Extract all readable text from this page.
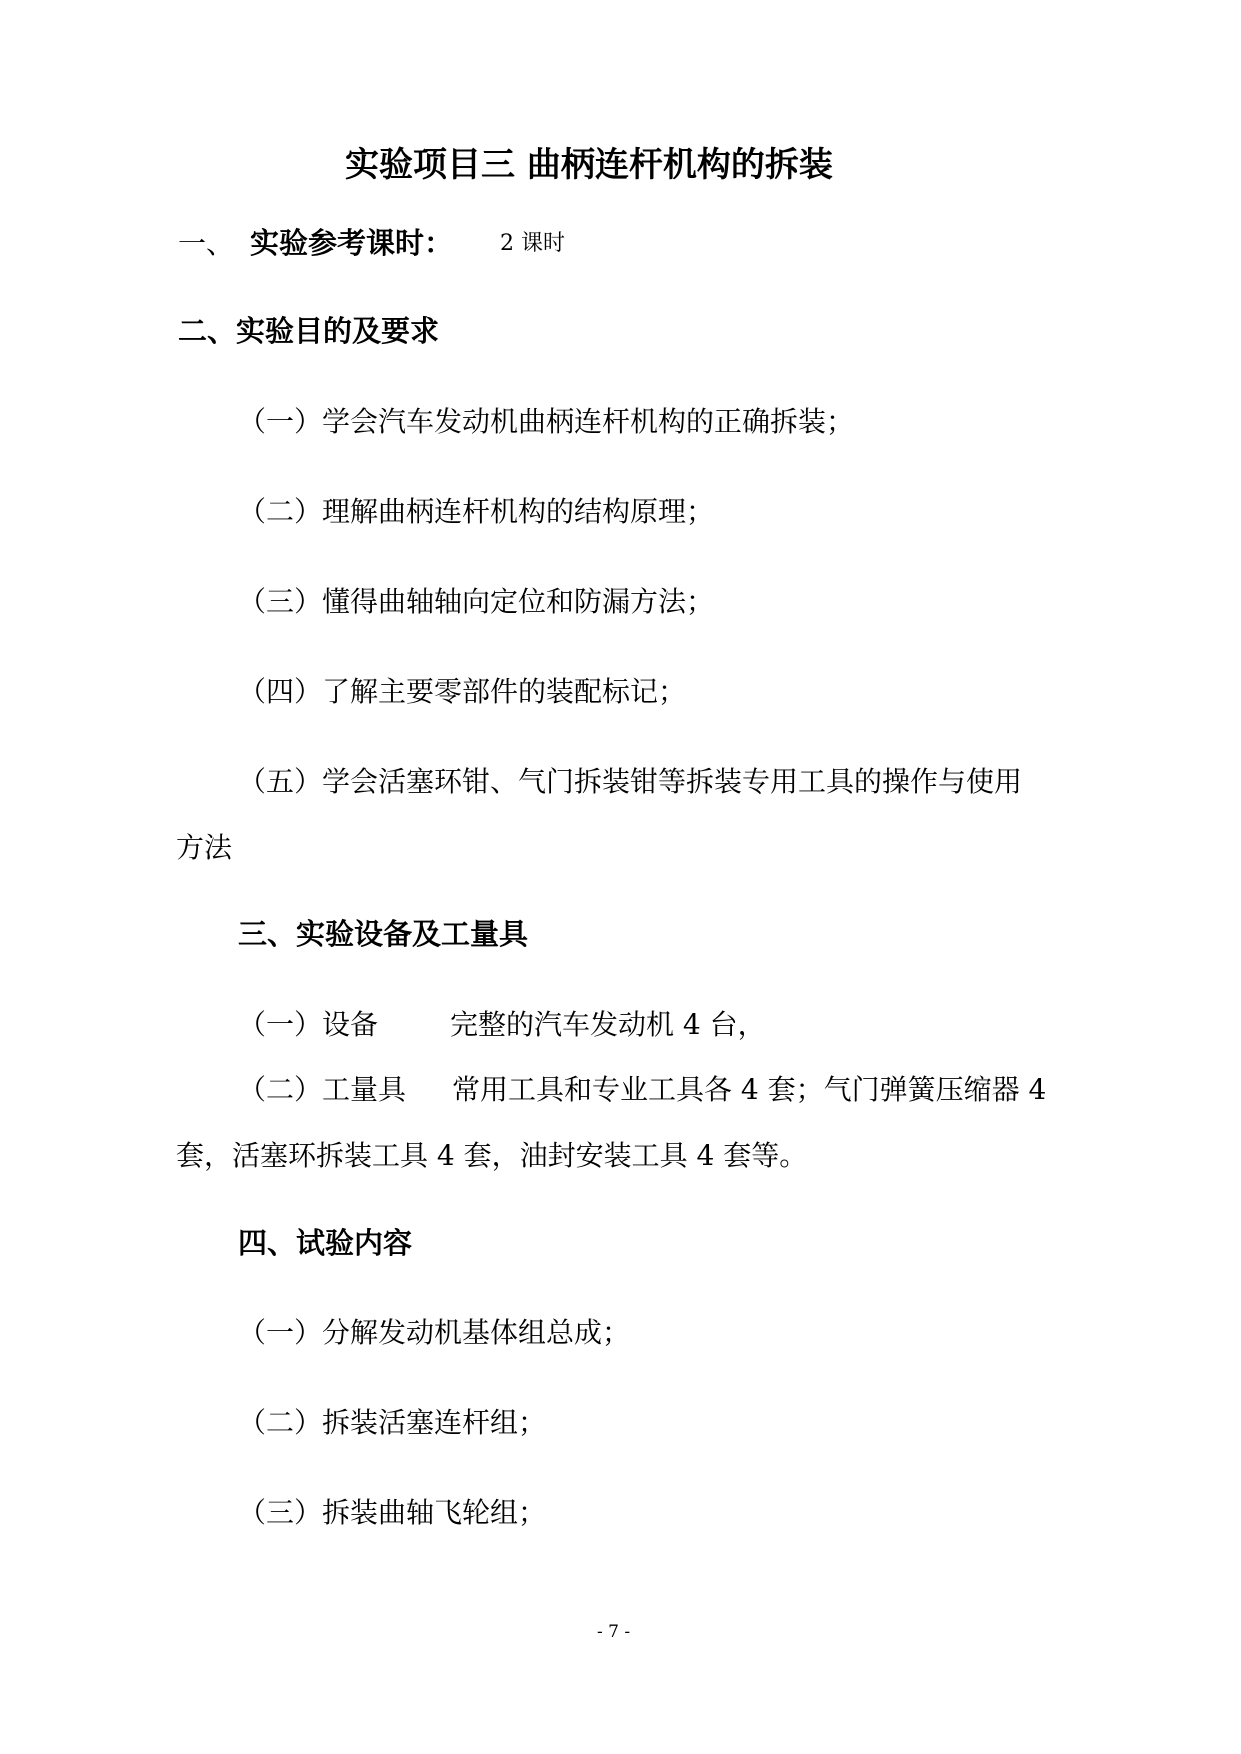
实验项目三 曲柄连杆机构的拆装
一、 实验参考课时： 2 课时
二、实验目的及要求
（一）学会汽车发动机曲柄连杆机构的正确拆装；
（二）理解曲柄连杆机构的结构原理；
（三）懂得曲轴轴向定位和防漏方法；
（四）了解主要零部件的装配标记；
（五）学会活塞环钳、气门拆装钳等拆装专用工具的操作与使用
方法
三、实验设备及工量具
（一）设备	完整的汽车发动机 4 台，
（二）工量具 常用工具和专业工具各 4 套；气门弹簧压缩器 4
套，活塞环拆装工具 4 套，油封安装工具 4 套等。
四、试验内容
（一）分解发动机基体组总成；
（二）拆装活塞连杆组；
（三）拆装曲轴飞轮组；
- 7 -
